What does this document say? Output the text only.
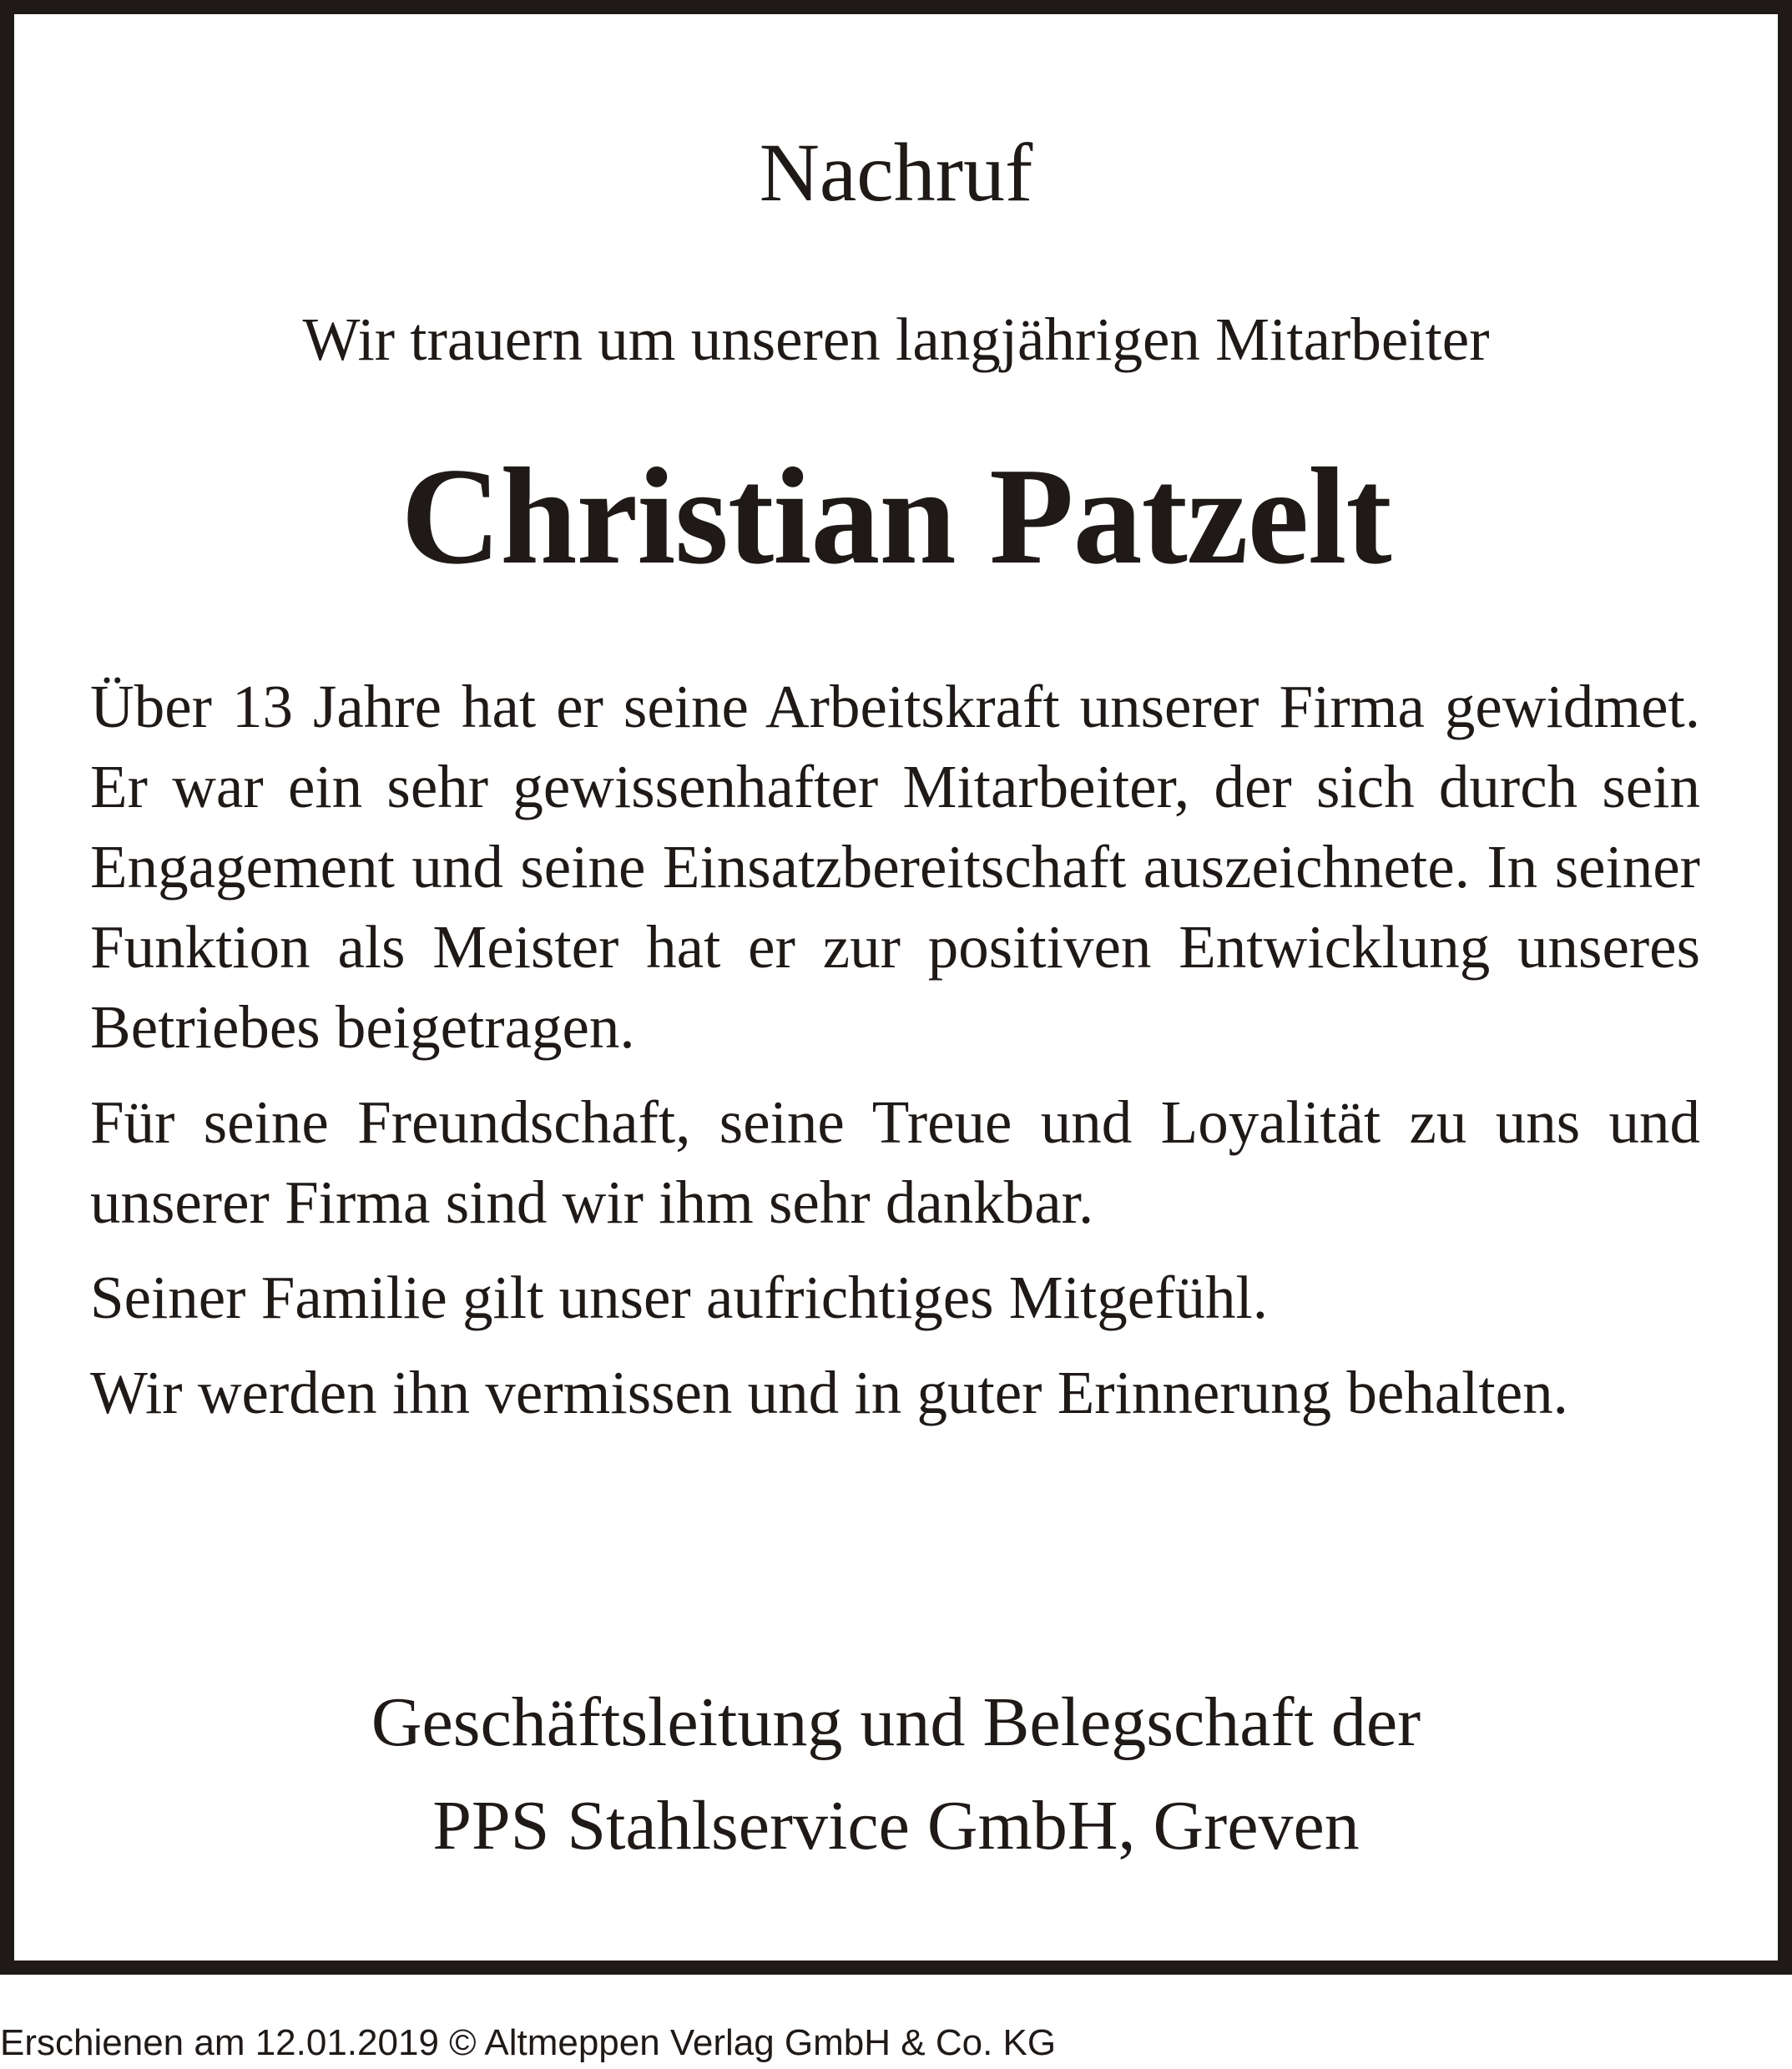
Nachruf
Wir trauern um unseren langjährigen Mitarbeiter
Christian Patzelt

Über 13 Jahre hat er seine Arbeitskraft unserer Firma gewidmet. Er war ein sehr gewissenhafter Mitarbeiter, der sich durch sein Engagement und seine Einsatzbereitschaft auszeichnete. In seiner Funktion als Meister hat er zur positiven Entwicklung unseres Betriebes beigetragen.

Für seine Freundschaft, seine Treue und Loyalität zu uns und unserer Firma sind wir ihm sehr dankbar.

Seiner Familie gilt unser aufrichtiges Mitgefühl.

Wir werden ihn vermissen und in guter Erinnerung behalten.

Geschäftsleitung und Belegschaft der
PPS Stahlservice GmbH, Greven
Erschienen am 12.01.2019 © Altmeppen Verlag GmbH & Co. KG
